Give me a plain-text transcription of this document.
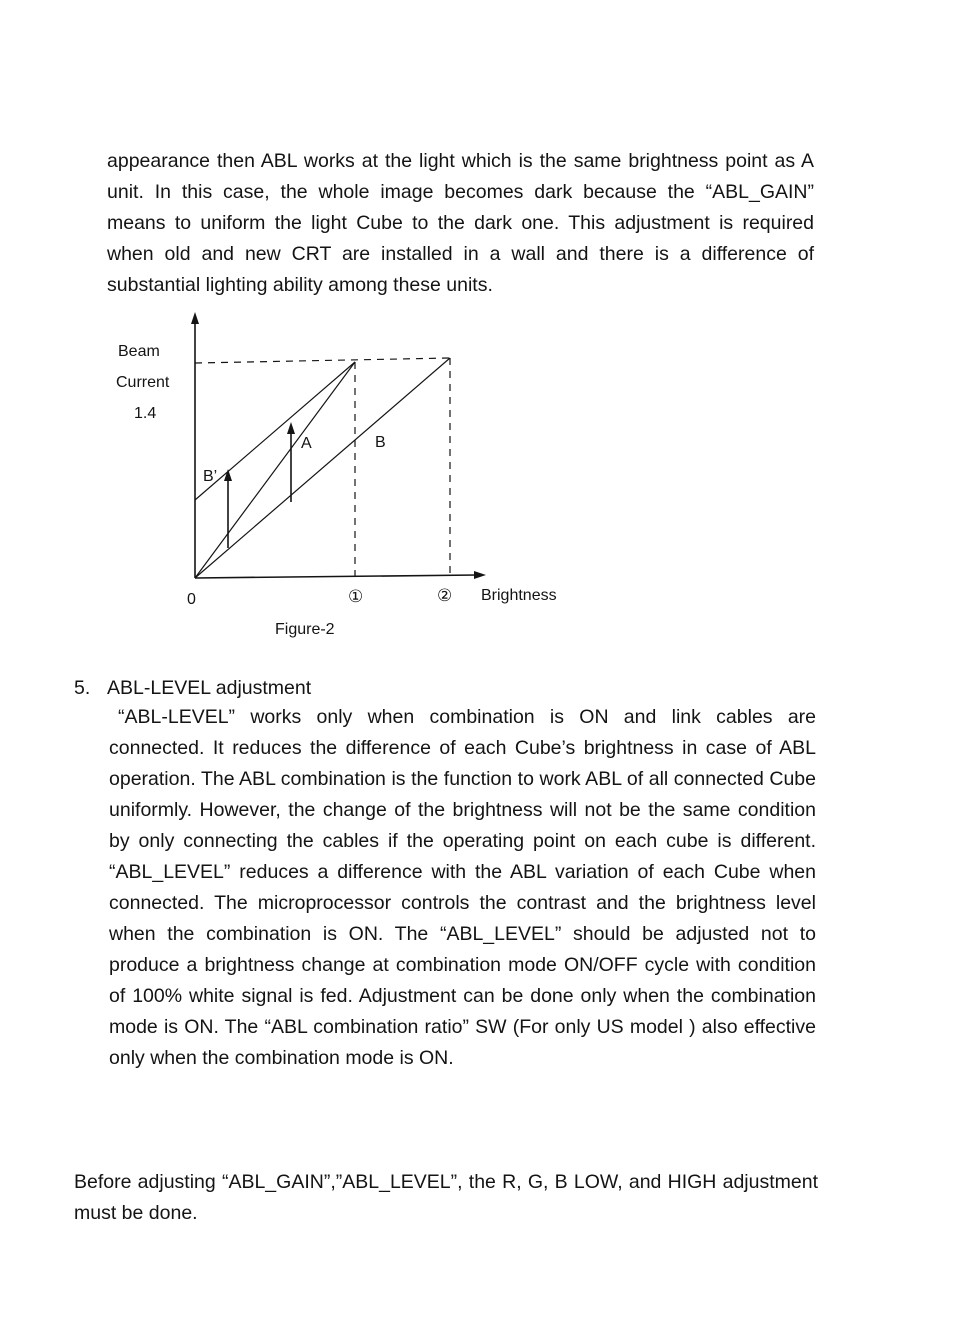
appearance then ABL works at the light which is the same brightness point as A unit. In this case, the whole image becomes dark because the “ABL_GAIN” means to uniform the light Cube to the dark one. This adjustment is required when old and new CRT are installed in a wall and there is a difference of substantial lighting ability among these units.

Beam
Current
1.4
A	B
B’
0	①	② Brightness
Figure-2
5. ABL-LEVEL adjustment

“ABL-LEVEL” works only when combination is ON and link cables are connected. It reduces the difference of each Cube’s brightness in case of ABL operation. The ABL combination is the function to work ABL of all connected Cube uniformly. However, the change of the brightness will not be the same condition by only connecting the cables if the operating point on each cube is different. “ABL_LEVEL” reduces a difference with the ABL variation of each Cube when connected. The microprocessor controls the contrast and the brightness level when the combination is ON. The “ABL_LEVEL” should be adjusted not to produce a brightness change at combination mode ON/OFF cycle with condition of 100% white signal is fed. Adjustment can be done only when the combination mode is ON. The “ABL combination ratio” SW (For only US model ) also effective only when the combination mode is ON.

Before adjusting “ABL_GAIN”,”ABL_LEVEL”, the R, G, B LOW, and HIGH adjustment must be done.
